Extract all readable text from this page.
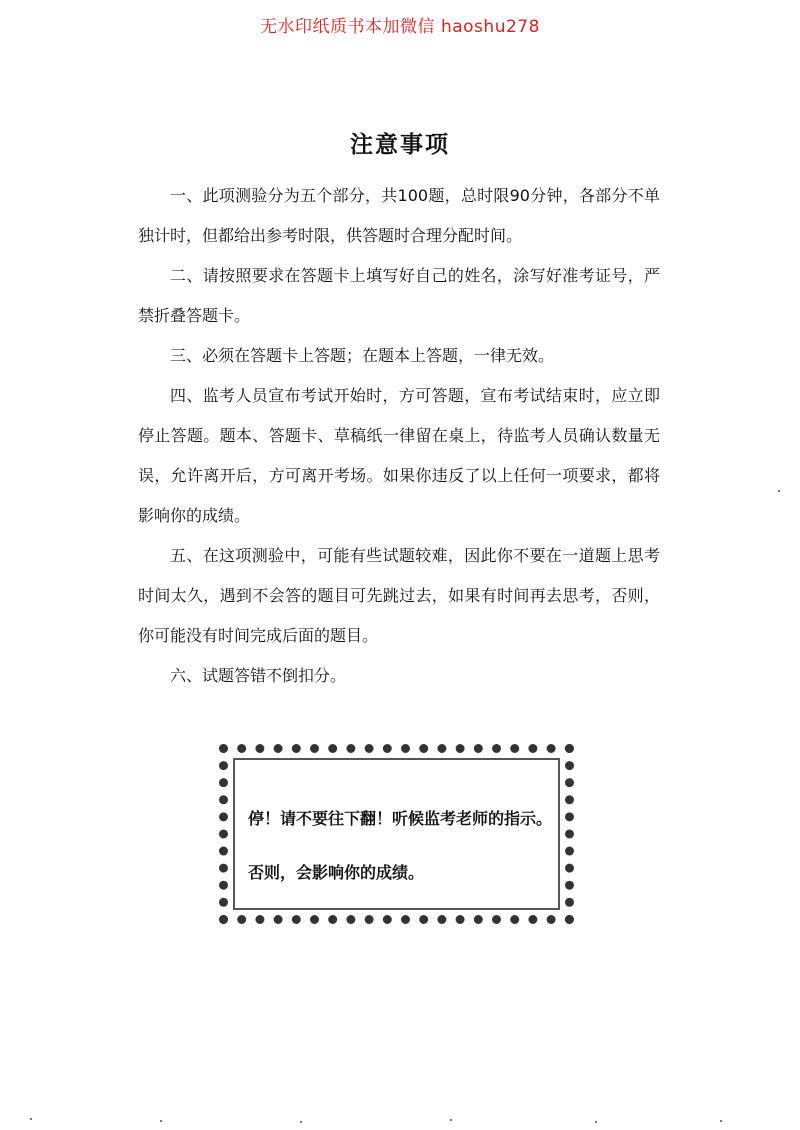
无水印纸质书本加微信 haoshu278
注意事项

一、此项测验分为五个部分，共100题，总时限90分钟，各部分不单独计时，但都给出参考时限，供答题时合理分配时间。

二、请按照要求在答题卡上填写好自己的姓名，涂写好准考证号，严禁折叠答题卡。

三、必须在答题卡上答题；在题本上答题，一律无效。

四、监考人员宣布考试开始时，方可答题，宣布考试结束时，应立即停止答题。题本、答题卡、草稿纸一律留在桌上，待监考人员确认数量无误，允许离开后，方可离开考场。如果你违反了以上任何一项要求，都将影响你的成绩。

五、在这项测验中，可能有些试题较难，因此你不要在一道题上思考时间太久，遇到不会答的题目可先跳过去，如果有时间再去思考，否则，你可能没有时间完成后面的题目。

六、试题答错不倒扣分。

停！请不要往下翻！听候监考老师的指示。
否则，会影响你的成绩。
